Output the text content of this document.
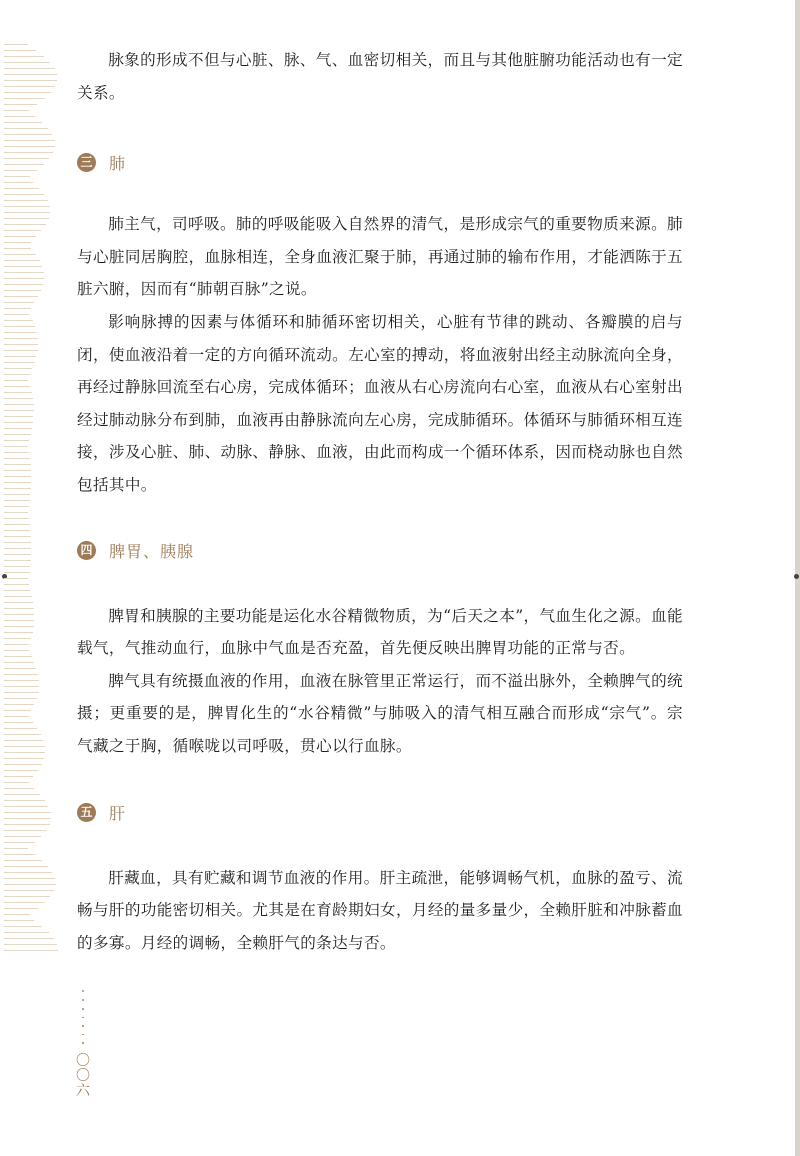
脉象的形成不但与心脏、脉、气、血密切相关，而且与其他脏腑功能活动也有一定关系。

三 肺

肺主气，司呼吸。肺的呼吸能吸入自然界的清气，是形成宗气的重要物质来源。肺与心脏同居胸腔，血脉相连，全身血液汇聚于肺，再通过肺的输布作用，才能洒陈于五脏六腑，因而有“肺朝百脉”之说。

影响脉搏的因素与体循环和肺循环密切相关，心脏有节律的跳动、各瓣膜的启与闭，使血液沿着一定的方向循环流动。左心室的搏动，将血液射出经主动脉流向全身，再经过静脉回流至右心房，完成体循环；血液从右心房流向右心室，血液从右心室射出经过肺动脉分布到肺，血液再由静脉流向左心房，完成肺循环。体循环与肺循环相互连接，涉及心脏、肺、动脉、静脉、血液，由此而构成一个循环体系，因而桡动脉也自然包括其中。

四 脾胃、胰腺

脾胃和胰腺的主要功能是运化水谷精微物质，为“后天之本”，气血生化之源。血能载气，气推动血行，血脉中气血是否充盈，首先便反映出脾胃功能的正常与否。

脾气具有统摄血液的作用，血液在脉管里正常运行，而不溢出脉外，全赖脾气的统摄；更重要的是，脾胃化生的“水谷精微”与肺吸入的清气相互融合而形成“宗气”。宗气藏之于胸，循喉咙以司呼吸，贯心以行血脉。

五 肝

肝藏血，具有贮藏和调节血液的作用。肝主疏泄，能够调畅气机，血脉的盈亏、流畅与肝的功能密切相关。尤其是在育龄期妇女，月经的量多量少，全赖肝脏和冲脉蓄血的多寡。月经的调畅，全赖肝气的条达与否。

〇
〇
六
